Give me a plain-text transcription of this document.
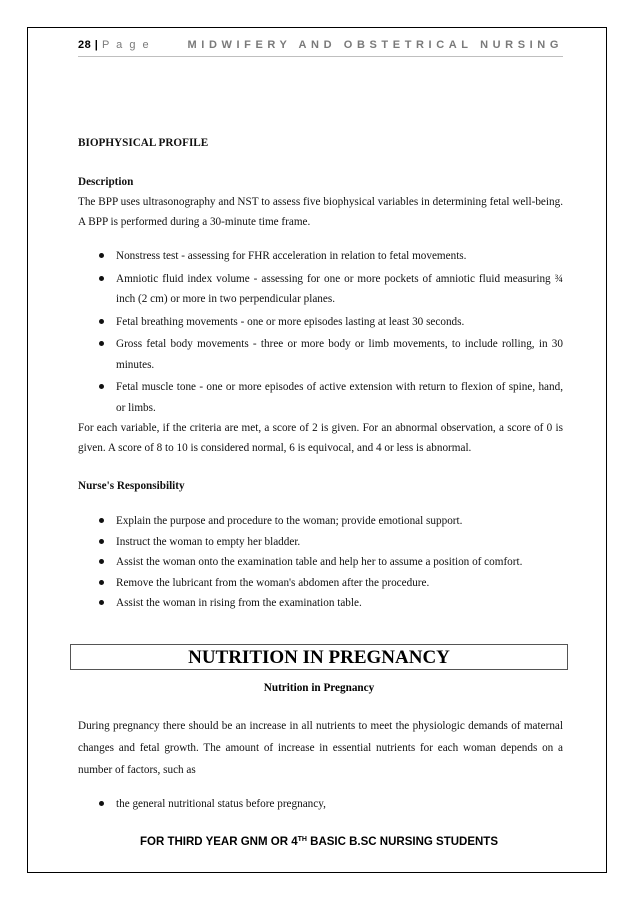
28 | P a g e	MIDWIFERY AND OBSTETRICAL NURSING
BIOPHYSICAL PROFILE
Description
The BPP uses ultrasonography and NST to assess five biophysical variables in determining fetal well-being. A BPP is performed during a 30-minute time frame.
Nonstress test - assessing for FHR acceleration in relation to fetal movements.
Amniotic fluid index volume - assessing for one or more pockets of amniotic fluid measuring ¾ inch (2 cm) or more in two perpendicular planes.
Fetal breathing movements - one or more episodes lasting at least 30 seconds.
Gross fetal body movements - three or more body or limb movements, to include rolling, in 30 minutes.
Fetal muscle tone - one or more episodes of active extension with return to flexion of spine, hand, or limbs.
For each variable, if the criteria are met, a score of 2 is given. For an abnormal observation, a score of 0 is given. A score of 8 to 10 is considered normal, 6 is equivocal, and 4 or less is abnormal.
Nurse's Responsibility
Explain the purpose and procedure to the woman; provide emotional support.
Instruct the woman to empty her bladder.
Assist the woman onto the examination table and help her to assume a position of comfort.
Remove the lubricant from the woman's abdomen after the procedure.
Assist the woman in rising from the examination table.
NUTRITION IN PREGNANCY
Nutrition in Pregnancy
During pregnancy there should be an increase in all nutrients to meet the physiologic demands of maternal changes and fetal growth. The amount of increase in essential nutrients for each woman depends on a number of factors, such as
the general nutritional status before pregnancy,
FOR THIRD YEAR GNM OR 4TH BASIC B.SC NURSING STUDENTS
